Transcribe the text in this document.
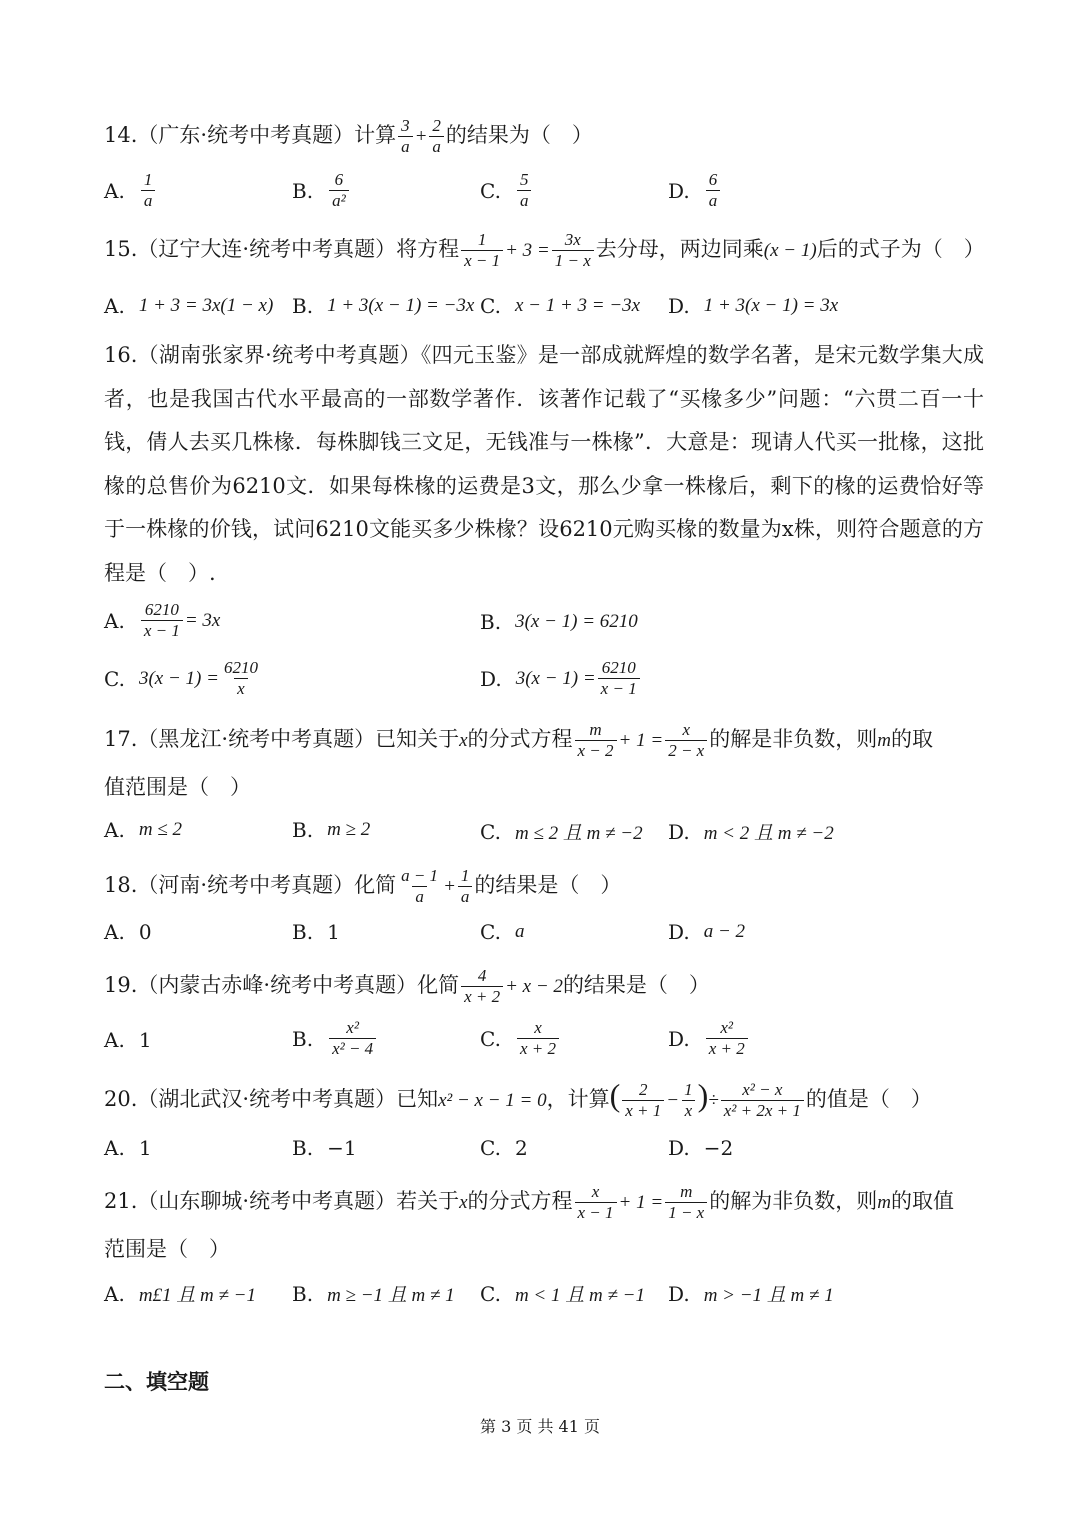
14.（广东·统考中考真题）计算 $\frac{3}{a} + \frac{2}{a}$ 的结果为（　）
A. $\frac{1}{a}$	B. $\frac{6}{\text{a²}}$	C. $\frac{5}{a}$	D. $\frac{6}{a}$
15.（辽宁大连·统考中考真题）将方程 $\frac{1}{x - 1} + 3 = \frac{3x}{1 - x}$ 去分母，两边同乘(x − 1)后的式子为（　）
A. 1 + 3 = 3x(1 − x) B. 1 + 3(x − 1) = −3x C. x − 1 + 3 = −3x D. 1 + 3(x − 1) = 3x
16.（湖南张家界·统考中考真题）《四元玉鉴》是一部成就辉煌的数学名著，是宋元数学集大成者，也是我国古代水平最高的一部数学著作．该著作记载了“买椽多少”问题：“六贯二百一十钱，倩人去买几株椽．每株脚钱三文足，无钱准与一株椽”．大意是：现请人代买一批椽，这批椽的总售价为6210文．如果每株椽的运费是3文，那么少拿一株椽后，剩下的椽的运费恰好等于一株椽的价钱，试问6210文能买多少株椽？设6210元购买椽的数量为x株，则符合题意的方程是（　）.
A. $\frac{6210}{x - 1} = 3x$	B. 3(x − 1) = 6210
C. $3(x - 1) = \frac{6210}{x}$	D. $3(x - 1) = \frac{6210}{x - 1}$
17.（黑龙江·统考中考真题）已知关于x的分式方程 $\frac{m}{x - 2} + 1 = \frac{x}{2 - x}$ 的解是非负数，则m的取
值范围是（　）
A. m ≤ 2	B. m ≥ 2	C. m ≤ 2 且 m ≠ −2 D. m < 2 且 m ≠ −2
18.（河南·统考中考真题）化简 $\frac{a - 1}{a} + \frac{1}{a}$ 的结果是（　）
A. 0	B. 1	C. a	D. a − 2
19.（内蒙古赤峰·统考中考真题）化简 $\frac{4}{x + 2} + x - 2$的结果是（　）
A. 1	B. $\frac{\text{x²}}{\text{x² − 4}}$	C. $\frac{x}{x + 2}$	D. $\frac{\text{x²}}{x + 2}$
20.（湖北武汉·统考中考真题）已知x² − x − 1 = 0，计算( $\frac{2}{x + 1} - \frac{1}{x}$ )÷ $\frac{\text{x² − x}}{\text{x² + 2x + 1}}$ 的值是（　）
A. 1	B. −1	C. 2	D. −2
21.（山东聊城·统考中考真题）若关于x的分式方程 $\frac{x}{x - 1} + 1 = \frac{m}{1 - x}$ 的解为非负数，则m的取值
范围是（　）
A. m£1 且 m ≠ −1 B. m ≥ −1 且 m ≠ 1 C. m < 1 且 m ≠ −1 D. m > −1 且 m ≠ 1
二、填空题
第 3 页 共 41 页
